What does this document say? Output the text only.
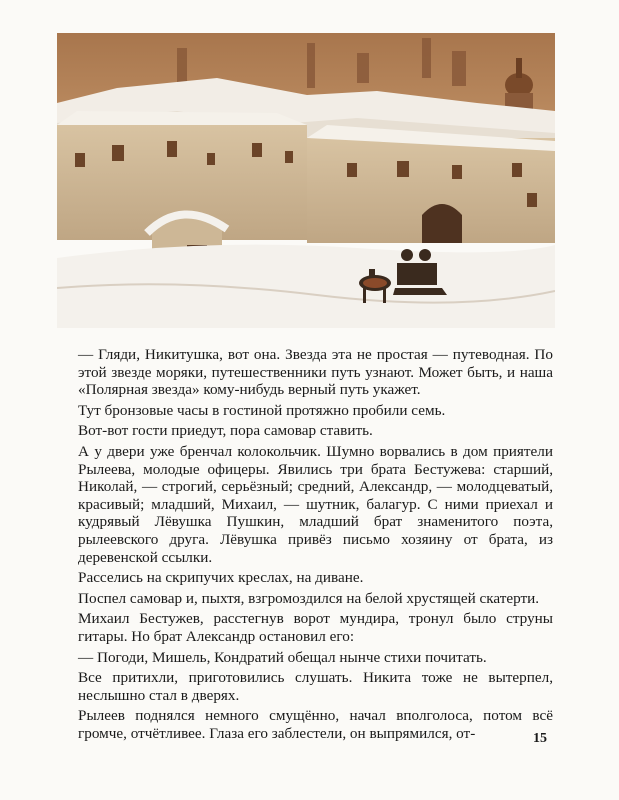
— Гляди, Никитушка, вот она. Звезда эта не простая — путеводная. По этой звезде моряки, путешественники путь узнают. Может быть, и наша «Полярная звезда» кому-нибудь верный путь укажет.

Тут бронзовые часы в гостиной протяжно пробили семь.

Вот-вот гости приедут, пора самовар ставить.

А у двери уже бренчал колокольчик. Шумно ворвались в дом приятели Рылеева, молодые офицеры. Явились три брата Бестужева: старший, Николай, — строгий, серьёзный; средний, Александр, — молодцеватый, красивый; младший, Михаил, — шутник, балагур. С ними приехал и кудрявый Лёвушка Пушкин, младший брат знаменитого поэта, рылеевского друга. Лёвушка привёз письмо хозяину от брата, из деревенской ссылки.

Расселись на скрипучих креслах, на диване.

Поспел самовар и, пыхтя, взгромоздился на белой хрустящей скатерти.

Михаил Бестужев, расстегнув ворот мундира, тронул было струны гитары. Но брат Александр остановил его:

— Погоди, Мишель, Кондратий обещал нынче стихи почитать.

Все притихли, приготовились слушать. Никита тоже не вытерпел, неслышно стал в дверях.

Рылеев поднялся немного смущённо, начал вполголоса, потом всё громче, отчётливее. Глаза его заблестели, он выпрямился, от-	15
